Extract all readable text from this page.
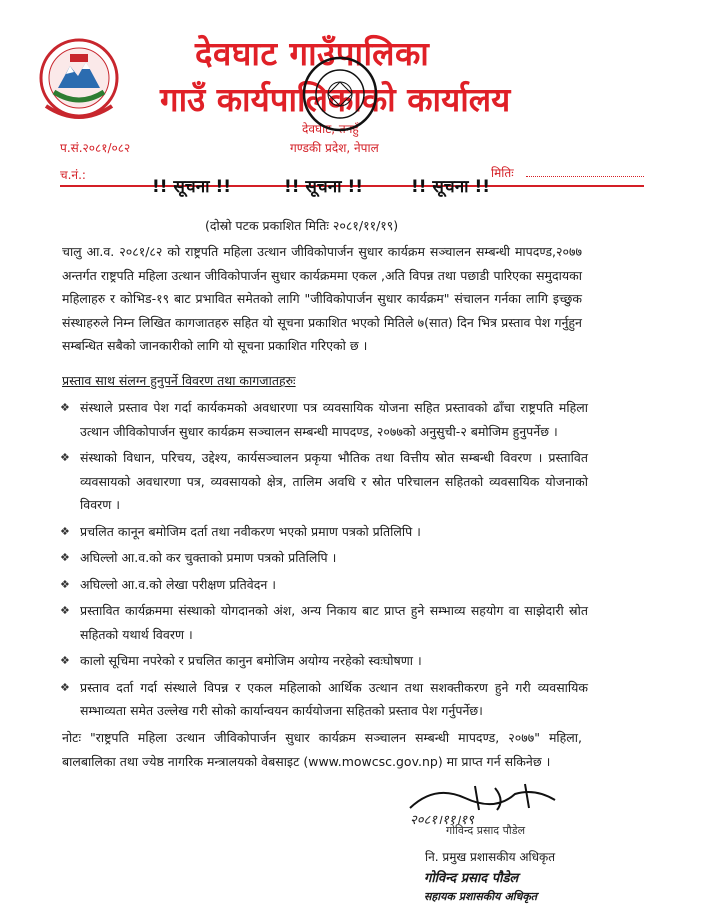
देवघाट गाउँपालिका
गाउँ कार्यपालिकाको कार्यालय
देवघाट, तनहुँ
गण्डकी प्रदेश, नेपाल
प.सं.२०८१/०८२
च.नं.:	मितिः
!! सूचना !!	!! सूचना !!	!! सूचना !!
(दोस्रो पटक प्रकाशित मितिः २०८१/११/१९)
चालु आ.व. २०८१/८२ को राष्ट्रपति महिला उत्थान जीविकोपार्जन सुधार कार्यक्रम सञ्चालन सम्बन्धी मापदण्ड,२०७७ अन्तर्गत राष्ट्रपति महिला उत्थान जीविकोपार्जन सुधार कार्यक्रममा एकल ,अति विपन्न तथा पछाडी पारिएका समुदायका महिलाहरु र कोभिड-१९ बाट प्रभावित समेतको लागि "जीविकोपार्जन सुधार कार्यक्रम" संचालन गर्नका लागि इच्छुक संस्थाहरुले निम्न लिखित कागजातहरु सहित यो सूचना प्रकाशित भएको मितिले ७(सात) दिन भित्र प्रस्ताव पेश गर्नुहुन सम्बन्धित सबैको जानकारीको लागि यो सूचना प्रकाशित गरिएको छ ।
प्रस्ताव साथ संलग्न हुनुपर्ने विवरण तथा कागजातहरुः
❖ संस्थाले प्रस्ताव पेश गर्दा कार्यकमको अवधारणा पत्र व्यवसायिक योजना सहित प्रस्तावको ढाँचा राष्ट्रपति महिला उत्थान जीविकोपार्जन सुधार कार्यक्रम सञ्चालन सम्बन्धी मापदण्ड, २०७७को अनुसुची-२ बमोजिम हुनुपर्नेछ ।
❖ संस्थाको विधान, परिचय, उद्देश्य, कार्यसञ्चालन प्रकृया भौतिक तथा वित्तीय स्रोत सम्बन्धी विवरण । प्रस्तावित व्यवसायको अवधारणा पत्र, व्यवसायको क्षेत्र, तालिम अवधि र स्रोत परिचालन सहितको व्यवसायिक योजनाको विवरण ।
❖ प्रचलित कानून बमोजिम दर्ता तथा नवीकरण भएको प्रमाण पत्रको प्रतिलिपि ।
❖ अघिल्लो आ.व.को कर चुक्ताको प्रमाण पत्रको प्रतिलिपि ।
❖ अघिल्लो आ.व.को लेखा परीक्षण प्रतिवेदन ।
❖ प्रस्तावित कार्यक्रममा संस्थाको योगदानको अंश, अन्य निकाय बाट प्राप्त हुने सम्भाव्य सहयोग वा साझेदारी स्रोत सहितको यथार्थ विवरण ।
❖ कालो सूचिमा नपरेको र प्रचलित कानुन बमोजिम अयोग्य नरहेको स्वःघोषणा ।
❖ प्रस्ताव दर्ता गर्दा संस्थाले विपन्न र एकल महिलाको आर्थिक उत्थान तथा सशक्तीकरण हुने गरी व्यवसायिक सम्भाव्यता समेत उल्लेख गरी सोको कार्यान्वयन कार्ययोजना सहितको प्रस्ताव पेश गर्नुपर्नेछ।
नोटः "राष्ट्रपति महिला उत्थान जीविकोपार्जन सुधार कार्यक्रम सञ्चालन सम्बन्धी मापदण्ड, २०७७" महिला, बालबालिका तथा ज्येष्ठ नागरिक मन्त्रालयको वेबसाइट (www.mowcsc.gov.np) मा प्राप्त गर्न सकिनेछ ।
२०८१।११।१९
गोविन्द प्रसाद पौडेल
नि. प्रमुख प्रशासकीय अधिकृत
गोविन्द प्रसाद पौडेल
सहायक प्रशासकीय अधिकृत
